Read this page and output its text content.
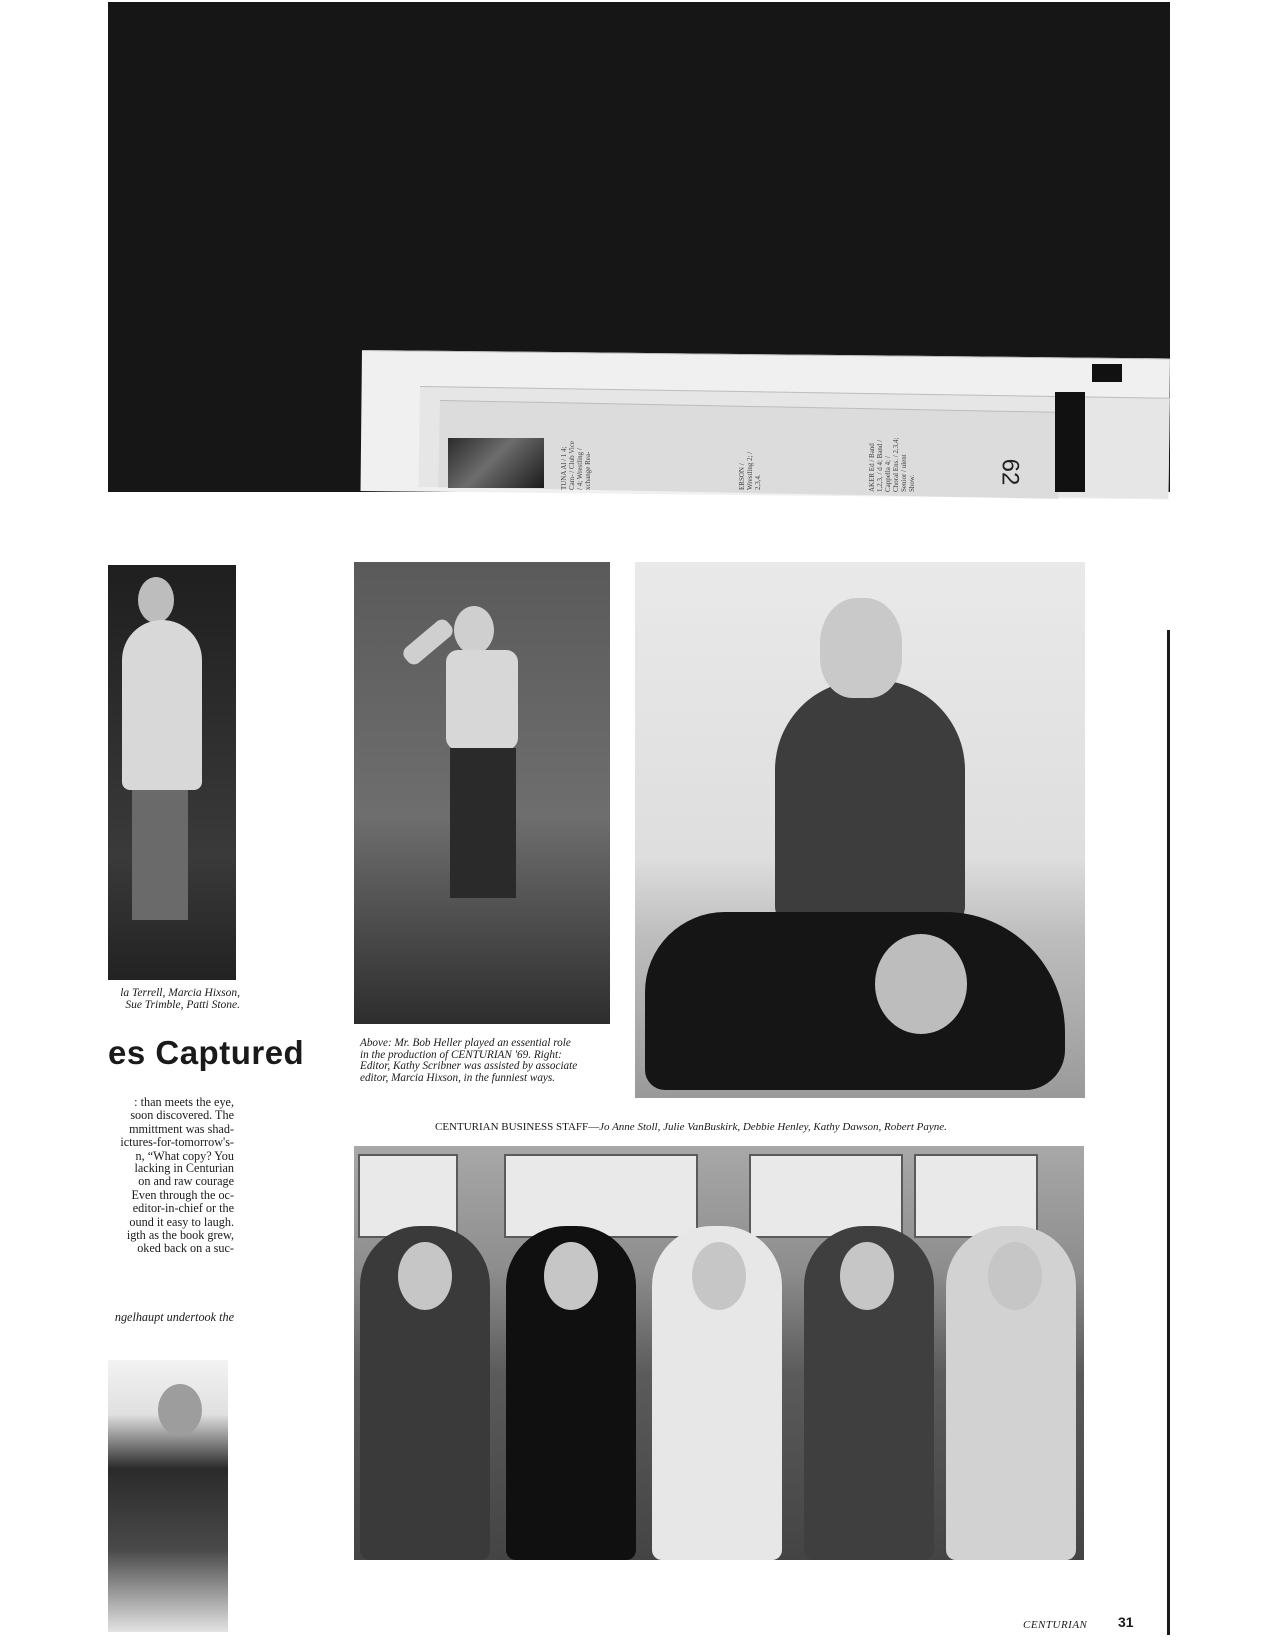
TUNA Al / 1 4; Cam- / Club Vice / 4; Wrestling / xchange Rea-	ERSON / Wrestling 2; / 2,3,4.	AKER Ed / Band 1,2,3, / d 4; Band / Cappella 4; / Choral Ens. / 2,3,4; Senior / ulent Show.	62
la Terrell, Marcia Hixson,
Sue Trimble, Patti Stone.
es Captured
: than meets the eye,
soon discovered. The
mmittment was shad-
ictures-for-tomorrow's-
n, “What copy? You
lacking in Centurian
on and raw courage
Even through the oc-
editor-in-chief or the
ound it easy to laugh.
igth as the book grew,
oked back on a suc-
ngelhaupt undertook the
Above: Mr. Bob Heller played an essential role
in the production of CENTURIAN '69. Right:
Editor, Kathy Scribner was assisted by associate
editor, Marcia Hixson, in the funniest ways.
CENTURIAN BUSINESS STAFF—Jo Anne Stoll, Julie VanBuskirk, Debbie Henley, Kathy Dawson, Robert Payne.
CENTURIAN 31
